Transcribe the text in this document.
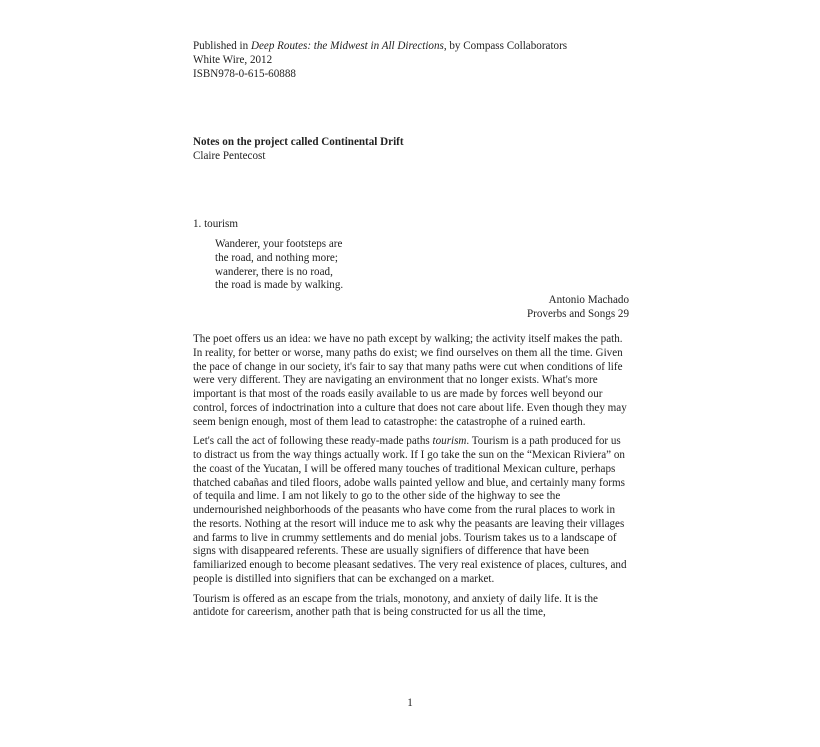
Published in Deep Routes: the Midwest in All Directions, by Compass Collaborators
White Wire, 2012
ISBN978-0-615-60888
Notes on the project called Continental Drift
Claire Pentecost
1. tourism
Wanderer, your footsteps are
the road, and nothing more;
wanderer, there is no road,
the road is made by walking.
Antonio Machado
Proverbs and Songs 29

The poet offers us an idea: we have no path except by walking; the activity itself makes the path. In reality, for better or worse, many paths do exist; we find ourselves on them all the time. Given the pace of change in our society, it's fair to say that many paths were cut when conditions of life were very different. They are navigating an environment that no longer exists. What's more important is that most of the roads easily available to us are made by forces well beyond our control, forces of indoctrination into a culture that does not care about life. Even though they may seem benign enough, most of them lead to catastrophe: the catastrophe of a ruined earth.

Let's call the act of following these ready-made paths tourism. Tourism is a path produced for us to distract us from the way things actually work. If I go take the sun on the “Mexican Riviera” on the coast of the Yucatan, I will be offered many touches of traditional Mexican culture, perhaps thatched cabañas and tiled floors, adobe walls painted yellow and blue, and certainly many forms of tequila and lime. I am not likely to go to the other side of the highway to see the undernourished neighborhoods of the peasants who have come from the rural places to work in the resorts. Nothing at the resort will induce me to ask why the peasants are leaving their villages and farms to live in crummy settlements and do menial jobs. Tourism takes us to a landscape of signs with disappeared referents. These are usually signifiers of difference that have been familiarized enough to become pleasant sedatives. The very real existence of places, cultures, and people is distilled into signifiers that can be exchanged on a market.

Tourism is offered as an escape from the trials, monotony, and anxiety of daily life. It is the antidote for careerism, another path that is being constructed for us all the time,

1
